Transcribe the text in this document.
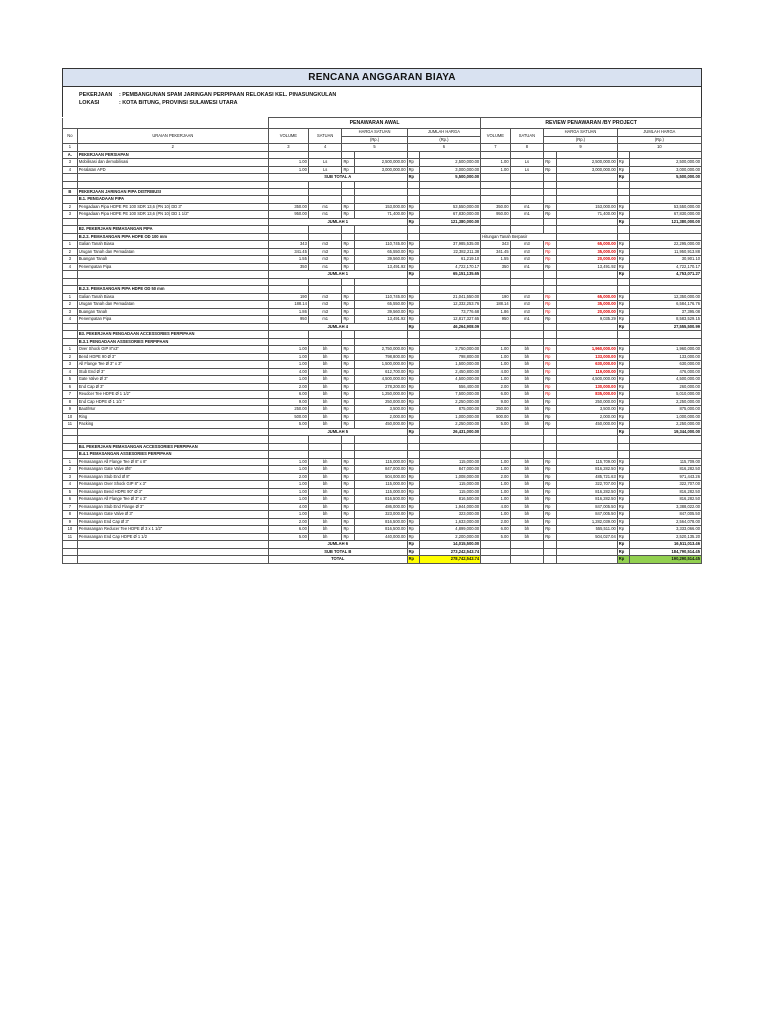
RENCANA ANGGARAN BIAYA
PEKERJAAN	: PEMBANGUNAN SPAM JARINGAN PERPIPAAN RELOKASI KEL. PINASUNGKULAN
LOKASI	: KOTA BITUNG, PROVINSI SULAWESI UTARA
		PENAWARAN AWAL						REVIEW PENAWARAN /BY PROJECT					
No	URAIAN PEKERJAAN	VOLUME	SATUAN	HARGA SATUAN		JUMLAH HARGA		VOLUME	SATUAN	HARGA SATUAN		JUMLAH HARGA	
				(Rp.)		(Rp.)				(Rp.)		(Rp.)	
1	2	3	4	5		6		7	8	9		10	
A.	PEKERJAAN PERSIAPAN												
3	Mobilisasi dan demobilisasi	1.00	Ls	Rp	2,500,000.00	Rp	2,500,000.00	1.00	Ls	Rp	2,500,000.00	Rp	2,500,000.00
4	Peralatan APD	1.00	Ls	Rp	3,000,000.00	Rp	3,000,000.00	1.00	Ls	Rp	3,000,000.00	Rp	3,000,000.00
		SUB TOTAL A				Rp	5,500,000.00					Rp	5,500,000.00

B	PEKERJAAN JARINGAN PIPA DISTRIBUSI												
	B.1. PENGADAAN PIPA												
2	Pengadaan Pipa HDPE PE 100 SDR 13,6 (PN 10) DD 3"	350.00	m1	Rp	153,000.00	Rp	53,550,000.00	350.00	m1	Rp	153,000.00	Rp	53,550,000.00
3	Pengadaan Pipa HDPE PE 100 SDR 13,6 (PN 10) DD 1 1/2"	950.00	m1	Rp	71,400.00	Rp	67,830,000.00	950.00	m1	Rp	71,400.00	Rp	67,830,000.00
		JUMLAH 1				Rp	121,380,000.00					Rp	121,380,000.00
	B2. PEKERJAAN PEMASANGAN PIPA												
	B.2.2. PEMASANGAN PIPA HOPE OD 100 mm							Hitungan Tanah Berpasir					
1	Galian Tanah Biasa	343	m3	Rp	110,745.00	Rp	37,985,535.00	343	m3	Rp	65,000.00	Rp	22,295,000.00
2	Urugan Tanah dan Pemadatan	341.45	m3	Rp	65,550.00	Rp	22,382,211.38	341.45	m3	Rp	35,000.00	Rp	11,950,913.88
3	Buangan Tanah	1.55	m3	Rp	39,560.00	Rp	61,219.10	1.55	m3	Rp	20,000.00	Rp	30,901.10
4	Penempatan Pipa	350	m1	Rp	13,491.92	Rp	4,722,170.17	350	m1	Rp	13,491.92	Rp	4,722,170.17
		JUMLAH 1				Rp	65,151,135.65					Rp	4,753,071.27

	B.2.3. PEMASANGAN PIPA HDPE OD 50 mm												
1	Galian Tanah Biasa	190	m3	Rp	110,745.00	Rp	21,041,550.00	190	m3	Rp	65,000.00	Rp	12,350,000.00
2	Urugan Tanah dan Pemadatan	188.14	m3	Rp	65,550.00	Rp	12,332,253.76	188.14	m3	Rp	35,000.00	Rp	6,584,176.76
3	Buangan Tanah	1.86	m3	Rp	39,560.00	Rp	73,776.68	1.86	m3	Rp	20,000.00	Rp	37,395.08
4	Penempatan Pipa	950	m1	Rp	13,491.92	Rp	12,817,327.65	950	m1	Rp	9,035.29	Rp	8,583,529.15
		JUMLAH 4				Rp	46,264,908.09					Rp	27,555,500.99
	B3. PEKERJAAN PENGADAAN ACCESSORIES PERPIPAAN												
	B.3.1 PENGADAAN ASSESORIES PERPIPAAN												
1	Over Shock GIP 8"x3"	1.00	bh	Rp	2,750,000.00	Rp	2,750,000.00	1.00	bh	Rp	1,960,000.00	Rp	1,960,000.00
2	Bend HDPE 90 Ø 3"	1.00	bh	Rp	798,800.00	Rp	798,800.00	1.00	bh	Rp	133,000.00	Rp	133,000.00
3	All Flange Tee Ø 3" x 3"	1.00	bh	Rp	1,500,000.00	Rp	1,500,000.00	1.00	bh	Rp	630,000.00	Rp	630,000.00
4	Stub End Ø 3"	4.00	bh	Rp	612,700.00	Rp	2,450,800.00	4.00	bh	Rp	119,000.00	Rp	476,000.00
5	Gate Valve Ø 3"	1.00	bh	Rp	4,500,000.00	Rp	4,500,000.00	1.00	bh	Rp	4,500,000.00	Rp	4,500,000.00
6	End Cap Ø 3"	2.00	bh	Rp	278,200.00	Rp	556,400.00	2.00	bh	Rp	130,000.00	Rp	260,000.00
7	Reudcer Tee HDPE Ø 1 1/2"	6.00	bh	Rp	1,250,000.00	Rp	7,500,000.00	6.00	bh	Rp	835,000.00	Rp	5,010,000.00
8	End Cap HDPE Ø 1 1/2 "	9.00	bh	Rp	250,000.00	Rp	2,250,000.00	9.00	bh	Rp	250,000.00	Rp	2,250,000.00
9	Baut/Mur	250.00	bh	Rp	3,500.00	Rp	875,000.00	250.00	bh	Rp	3,500.00	Rp	875,000.00
10	Ring	500.00	bh	Rp	2,000.00	Rp	1,000,000.00	500.00	bh	Rp	2,000.00	Rp	1,000,000.00
11	Packing	5.00	bh	Rp	450,000.00	Rp	2,250,000.00	5.00	bh	Rp	450,000.00	Rp	2,250,000.00
		JUMLAH 5				Rp	26,431,000.00					Rp	19,344,000.00

	B4. PEKERJAAN PEMASANGAN ACCESSORIES PERPIPAAN												
	B.4.1 PEMASANGAN ASSESORIES PERPIPAAN												
1	Pemasangan All Flange Tee Ø 8" x 8"	1.00	bh	Rp	115,000.00	Rp	115,000.00	1.00	bh	Rp	115,709.00	Rp	115,709.00
2	Pemasangan Gate Valve Ø6"	1.00	bh	Rp	847,000.00	Rp	847,000.00	1.00	bh	Rp	816,282.50	Rp	816,282.50
3	Pemasangan Stub End Ø 8"	2.00	bh	Rp	504,000.00	Rp	1,008,000.00	2.00	bh	Rp	485,721.63	Rp	971,443.26
4	Pemasangan Over Shock GIP 8" x 3"	1.00	bh	Rp	115,000.00	Rp	115,000.00	1.00	bh	Rp	322,707.00	Rp	322,707.00
5	Pemasangan Bend HDPE 90" Ø 3"	1.00	bh	Rp	115,000.00	Rp	115,000.00	1.00	bh	Rp	816,282.50	Rp	816,282.50
6	Pemasangan All Flange Tee Ø 3" x 3"	1.00	bh	Rp	816,500.00	Rp	816,500.00	1.00	bh	Rp	816,282.50	Rp	816,282.50
7	Pemasangan Stub End Flange Ø 3"	4.00	bh	Rp	486,000.00	Rp	1,944,000.00	4.00	bh	Rp	847,005.50	Rp	3,388,022.00
8	Pemasangan Gate Valve Ø 3"	1.00	bh	Rp	323,000.00	Rp	323,000.00	1.00	bh	Rp	847,005.50	Rp	847,005.50
9	Pemasangan End Cap Ø 3"	2.00	bh	Rp	816,500.00	Rp	1,633,000.00	2.00	bh	Rp	1,282,039.00	Rp	2,564,078.00
10	Pemasangan Reducer Tee HDPE Ø 3 x 1 1/2"	6.00	bh	Rp	816,500.00	Rp	4,899,000.00	6.00	bh	Rp	555,511.00	Rp	3,333,066.00
11	Pemasangan End Cap HDPE Ø 1 1/2	5.00	bh	Rp	440,000.00	Rp	2,200,000.00	5.00	bh	Rp	504,027.04	Rp	2,520,135.20
		JUMLAH 6				Rp	14,015,500.00					Rp	16,511,013.46
		SUB TOTAL B				Rp	273,242,543.74					Rp	184,790,514.45
		TOTAL				Rp	278,742,543.74					Rp	190,290,514.45
